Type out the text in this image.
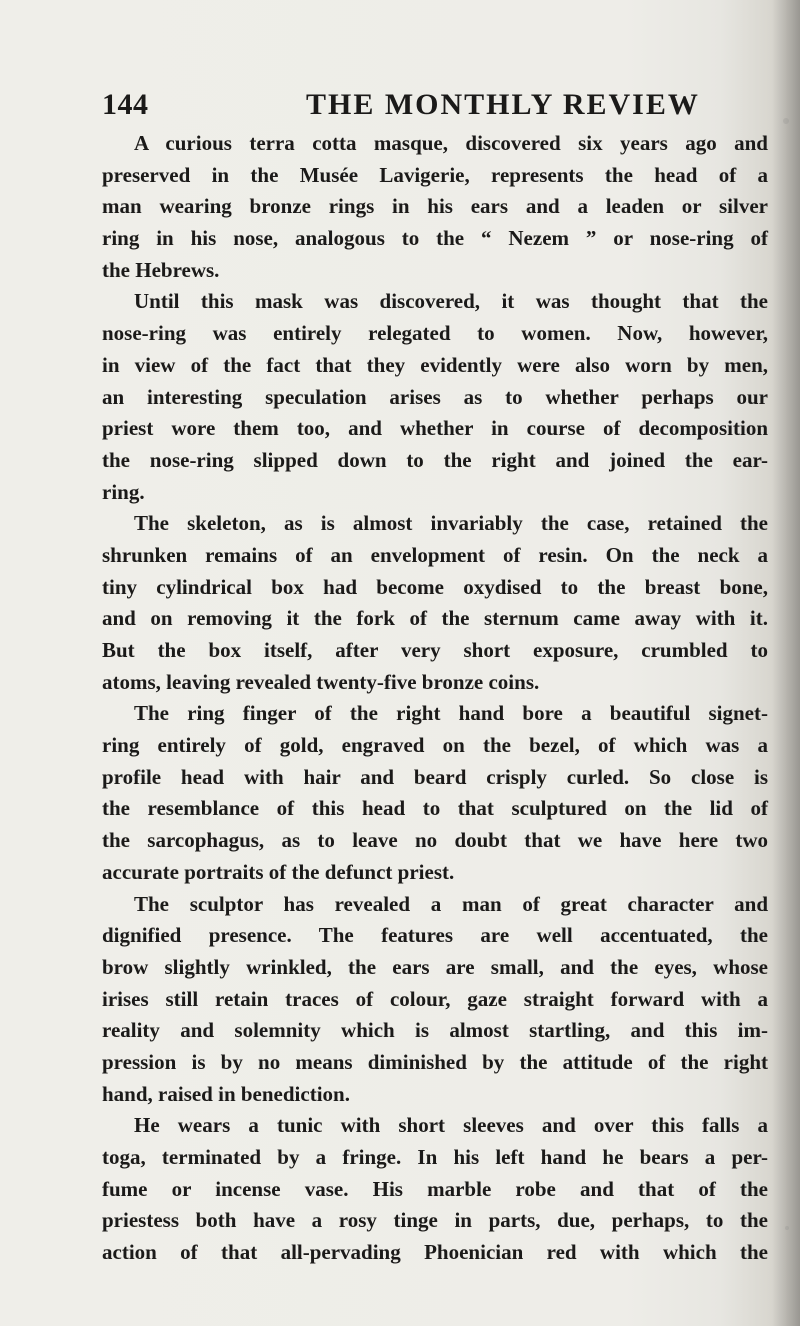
144	THE MONTHLY REVIEW
A curious terra cotta masque, discovered six years ago and
preserved in the Musée Lavigerie, represents the head of a
man wearing bronze rings in his ears and a leaden or silver
ring in his nose, analogous to the “ Nezem ” or nose-ring of
the Hebrews.
Until this mask was discovered, it was thought that the
nose-ring was entirely relegated to women. Now, however,
in view of the fact that they evidently were also worn by men,
an interesting speculation arises as to whether perhaps our
priest wore them too, and whether in course of decomposition
the nose-ring slipped down to the right and joined the ear-
ring.
The skeleton, as is almost invariably the case, retained the
shrunken remains of an envelopment of resin. On the neck a
tiny cylindrical box had become oxydised to the breast bone,
and on removing it the fork of the sternum came away with it.
But the box itself, after very short exposure, crumbled to
atoms, leaving revealed twenty-five bronze coins.
The ring finger of the right hand bore a beautiful signet-
ring entirely of gold, engraved on the bezel, of which was a
profile head with hair and beard crisply curled. So close is
the resemblance of this head to that sculptured on the lid of
the sarcophagus, as to leave no doubt that we have here two
accurate portraits of the defunct priest.
The sculptor has revealed a man of great character and
dignified presence. The features are well accentuated, the
brow slightly wrinkled, the ears are small, and the eyes, whose
irises still retain traces of colour, gaze straight forward with a
reality and solemnity which is almost startling, and this im-
pression is by no means diminished by the attitude of the right
hand, raised in benediction.
He wears a tunic with short sleeves and over this falls a
toga, terminated by a fringe. In his left hand he bears a per-
fume or incense vase. His marble robe and that of the
priestess both have a rosy tinge in parts, due, perhaps, to the
action of that all-pervading Phoenician red with which the
